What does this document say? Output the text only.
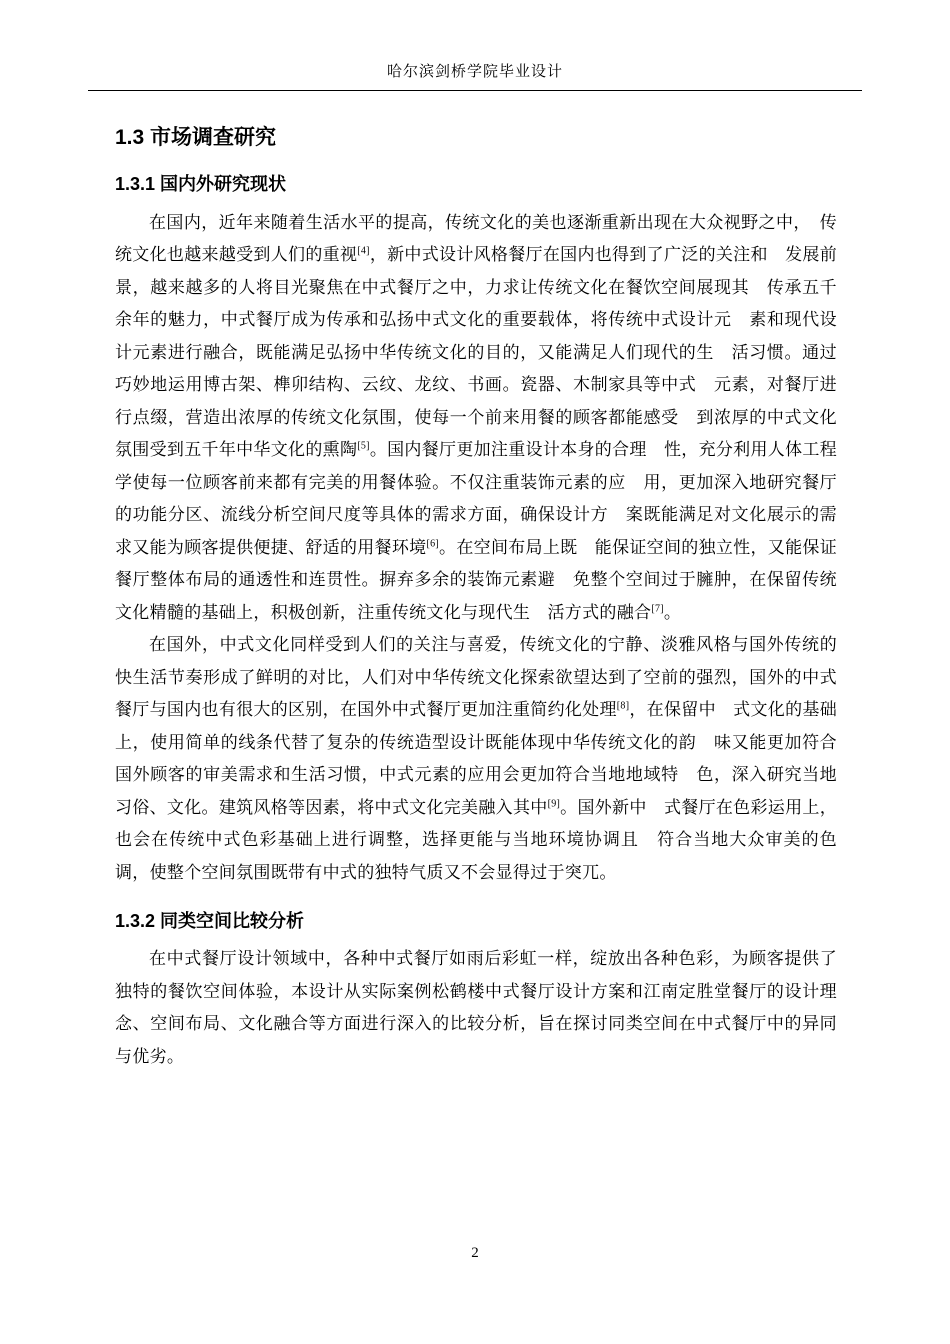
哈尔滨剑桥学院毕业设计
1.3 市场调查研究
1.3.1 国内外研究现状

在国内，近年来随着生活水平的提高，传统文化的美也逐渐重新出现在大众视野之中，　传统文化也越来越受到人们的重视[4]，新中式设计风格餐厅在国内也得到了广泛的关注和　发展前景，越来越多的人将目光聚焦在中式餐厅之中，力求让传统文化在餐饮空间展现其　传承五千余年的魅力，中式餐厅成为传承和弘扬中式文化的重要载体，将传统中式设计元　素和现代设计元素进行融合，既能满足弘扬中华传统文化的目的，又能满足人们现代的生　活习惯。通过巧妙地运用博古架、榫卯结构、云纹、龙纹、书画。瓷器、木制家具等中式　元素，对餐厅进行点缀，营造出浓厚的传统文化氛围，使每一个前来用餐的顾客都能感受　到浓厚的中式文化氛围受到五千年中华文化的熏陶[5]。国内餐厅更加注重设计本身的合理　性，充分利用人体工程学使每一位顾客前来都有完美的用餐体验。不仅注重装饰元素的应　用，更加深入地研究餐厅的功能分区、流线分析空间尺度等具体的需求方面，确保设计方　案既能满足对文化展示的需求又能为顾客提供便捷、舒适的用餐环境[6]。在空间布局上既　能保证空间的独立性，又能保证餐厅整体布局的通透性和连贯性。摒弃多余的装饰元素避　免整个空间过于臃肿，在保留传统文化精髓的基础上，积极创新，注重传统文化与现代生　活方式的融合[7]。

在国外，中式文化同样受到人们的关注与喜爱，传统文化的宁静、淡雅风格与国外传统的快生活节奏形成了鲜明的对比，人们对中华传统文化探索欲望达到了空前的强烈，国外的中式餐厅与国内也有很大的区别，在国外中式餐厅更加注重简约化处理[8]，在保留中　式文化的基础上，使用简单的线条代替了复杂的传统造型设计既能体现中华传统文化的韵　味又能更加符合国外顾客的审美需求和生活习惯，中式元素的应用会更加符合当地地域特　色，深入研究当地习俗、文化。建筑风格等因素，将中式文化完美融入其中[9]。国外新中　式餐厅在色彩运用上，也会在传统中式色彩基础上进行调整，选择更能与当地环境协调且　符合当地大众审美的色调，使整个空间氛围既带有中式的独特气质又不会显得过于突兀。

1.3.2 同类空间比较分析

在中式餐厅设计领域中，各种中式餐厅如雨后彩虹一样，绽放出各种色彩，为顾客提供了独特的餐饮空间体验，本设计从实际案例松鹤楼中式餐厅设计方案和江南定胜堂餐厅的设计理念、空间布局、文化融合等方面进行深入的比较分析，旨在探讨同类空间在中式餐厅中的异同与优劣。

2
